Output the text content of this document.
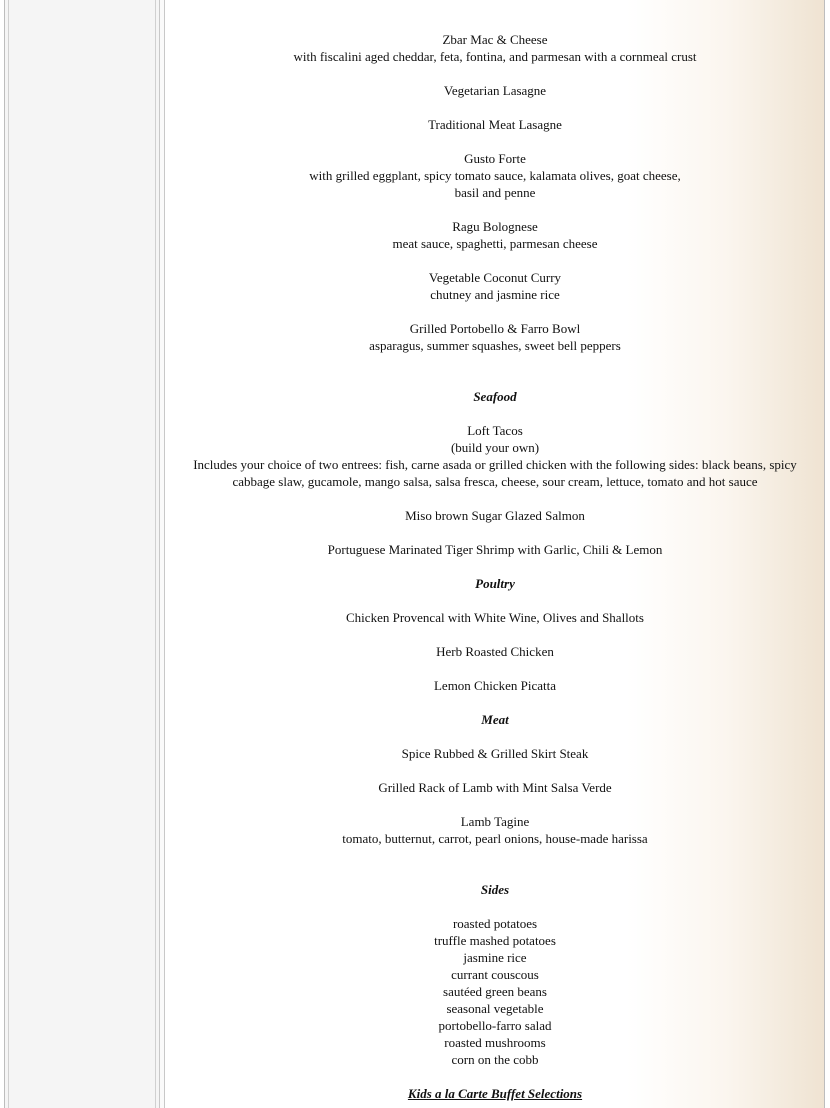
Zbar Mac & Cheese
with fiscalini aged cheddar, feta, fontina, and parmesan with a cornmeal crust
Vegetarian Lasagne
Traditional Meat Lasagne
Gusto Forte
with grilled eggplant, spicy tomato sauce, kalamata olives, goat cheese,
basil and penne
Ragu Bolognese
meat sauce, spaghetti, parmesan cheese
Vegetable Coconut Curry
chutney and jasmine rice
Grilled Portobello & Farro Bowl
asparagus, summer squashes, sweet bell peppers
Seafood
Loft Tacos
(build your own)
Includes your choice of two entrees: fish, carne asada or grilled chicken with the following sides: black beans, spicy
cabbage slaw, gucamole, mango salsa, salsa fresca, cheese, sour cream, lettuce, tomato and hot sauce
Miso brown Sugar Glazed Salmon
Portuguese Marinated Tiger Shrimp with Garlic, Chili & Lemon
Poultry
Chicken Provencal with White Wine, Olives and Shallots
Herb Roasted Chicken
Lemon Chicken Picatta
Meat
Spice Rubbed & Grilled Skirt Steak
Grilled Rack of Lamb with Mint Salsa Verde
Lamb Tagine
tomato, butternut, carrot, pearl onions, house-made harissa
Sides
roasted potatoes
truffle mashed potatoes
jasmine rice
currant couscous
sautéed green beans
seasonal vegetable
portobello-farro salad
roasted mushrooms
corn on the cobb
Kids a la Carte Buffet Selections
